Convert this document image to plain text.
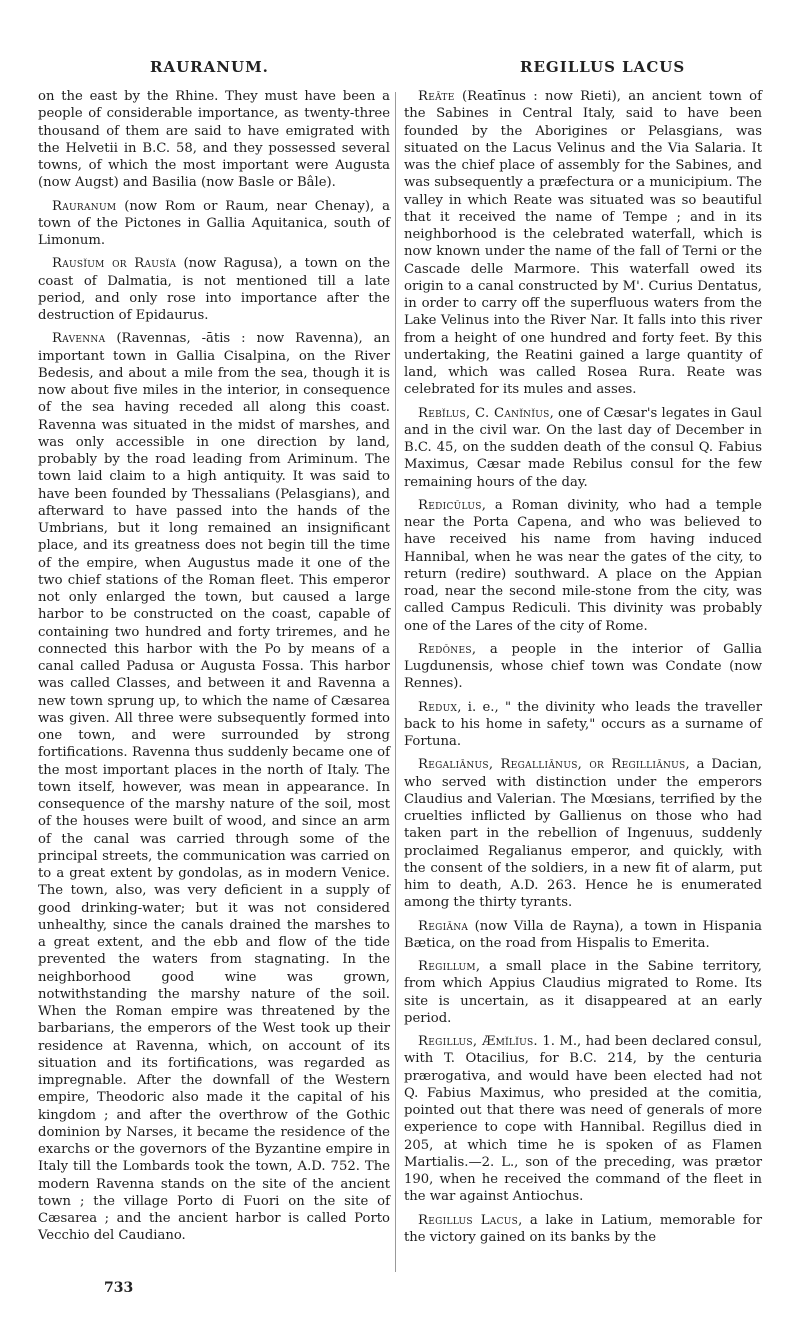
RAURANUM.	REGILLUS LACUS

on the east by the Rhine. They must have been a people of considerable importance, as twenty-three thousand of them are said to have emigrated with the Helvetii in B.C. 58, and they possessed several towns, of which the most important were Augusta (now Augst) and Basilia (now Basle or Bâle).

Rauranum (now Rom or Raum, near Chenay), a town of the Pictones in Gallia Aquitanica, south of Limonum.

Rausĭum or Rausĭa (now Ragusa), a town on the coast of Dalmatia, is not mentioned till a late period, and only rose into importance after the destruction of Epidaurus.

Ravenna (Ravennas, -ātis : now Ravenna), an important town in Gallia Cisalpina, on the River Bedesis, and about a mile from the sea, though it is now about five miles in the interior, in consequence of the sea having receded all along this coast. Ravenna was situated in the midst of marshes, and was only accessible in one direction by land, probably by the road leading from Ariminum. The town laid claim to a high antiquity. It was said to have been founded by Thessalians (Pelasgians), and afterward to have passed into the hands of the Umbrians, but it long remained an insignificant place, and its greatness does not begin till the time of the empire, when Augustus made it one of the two chief stations of the Roman fleet. This emperor not only enlarged the town, but caused a large harbor to be constructed on the coast, capable of containing two hundred and forty triremes, and he connected this harbor with the Po by means of a canal called Padusa or Augusta Fossa. This harbor was called Classes, and between it and Ravenna a new town sprung up, to which the name of Cæsarea was given. All three were subsequently formed into one town, and were surrounded by strong fortifications. Ravenna thus suddenly became one of the most important places in the north of Italy. The town itself, however, was mean in appearance. In consequence of the marshy nature of the soil, most of the houses were built of wood, and since an arm of the canal was carried through some of the principal streets, the communication was carried on to a great extent by gondolas, as in modern Venice. The town, also, was very deficient in a supply of good drinking-water; but it was not considered unhealthy, since the canals drained the marshes to a great extent, and the ebb and flow of the tide prevented the waters from stagnating. In the neighborhood good wine was grown, notwithstanding the marshy nature of the soil. When the Roman empire was threatened by the barbarians, the emperors of the West took up their residence at Ravenna, which, on account of its situation and its fortifications, was regarded as impregnable. After the downfall of the Western empire, Theodoric also made it the capital of his kingdom ; and after the overthrow of the Gothic dominion by Narses, it became the residence of the exarchs or the governors of the Byzantine empire in Italy till the Lombards took the town, A.D. 752. The modern Ravenna stands on the site of the ancient town ; the village Porto di Fuori on the site of Cæsarea ; and the ancient harbor is called Porto Vecchio del Caudiano.

Reāte (Reatīnus : now Rieti), an ancient town of the Sabines in Central Italy, said to have been founded by the Aborigines or Pelasgians, was situated on the Lacus Velinus and the Via Salaria. It was the chief place of assembly for the Sabines, and was subsequently a præfectura or a municipium. The valley in which Reate was situated was so beautiful that it received the name of Tempe ; and in its neighborhood is the celebrated waterfall, which is now known under the name of the fall of Terni or the Cascade delle Marmore. This waterfall owed its origin to a canal constructed by M'. Curius Dentatus, in order to carry off the superfluous waters from the Lake Velinus into the River Nar. It falls into this river from a height of one hundred and forty feet. By this undertaking, the Reatini gained a large quantity of land, which was called Rosea Rura. Reate was celebrated for its mules and asses.

Rebĭlus, C. Canĭnĭus, one of Cæsar's legates in Gaul and in the civil war. On the last day of December in B.C. 45, on the sudden death of the consul Q. Fabius Maximus, Cæsar made Rebilus consul for the few remaining hours of the day.

Redicŭlus, a Roman divinity, who had a temple near the Porta Capena, and who was believed to have received his name from having induced Hannibal, when he was near the gates of the city, to return (redire) southward. A place on the Appian road, near the second mile-stone from the city, was called Campus Rediculi. This divinity was probably one of the Lares of the city of Rome.

Redŏnes, a people in the interior of Gallia Lugdunensis, whose chief town was Condate (now Rennes).

Redux, i. e., " the divinity who leads the traveller back to his home in safety," occurs as a surname of Fortuna.

Regaliānus, Regalliānus, or Regilliānus, a Dacian, who served with distinction under the emperors Claudius and Valerian. The Mœsians, terrified by the cruelties inflicted by Gallienus on those who had taken part in the rebellion of Ingenuus, suddenly proclaimed Regalianus emperor, and quickly, with the consent of the soldiers, in a new fit of alarm, put him to death, A.D. 263. Hence he is enumerated among the thirty tyrants.

Regiāna (now Villa de Rayna), a town in Hispania Bætica, on the road from Hispalis to Emerita.

Regillum, a small place in the Sabine territory, from which Appius Claudius migrated to Rome. Its site is uncertain, as it disappeared at an early period.

Regillus, Æmĭlĭus. 1. M., had been declared consul, with T. Otacilius, for B.C. 214, by the centuria prærogativa, and would have been elected had not Q. Fabius Maximus, who presided at the comitia, pointed out that there was need of generals of more experience to cope with Hannibal. Regillus died in 205, at which time he is spoken of as Flamen Martialis.—2. L., son of the preceding, was prætor 190, when he received the command of the fleet in the war against Antiochus.

Regillus Lacus, a lake in Latium, memorable for the victory gained on its banks by the

733
